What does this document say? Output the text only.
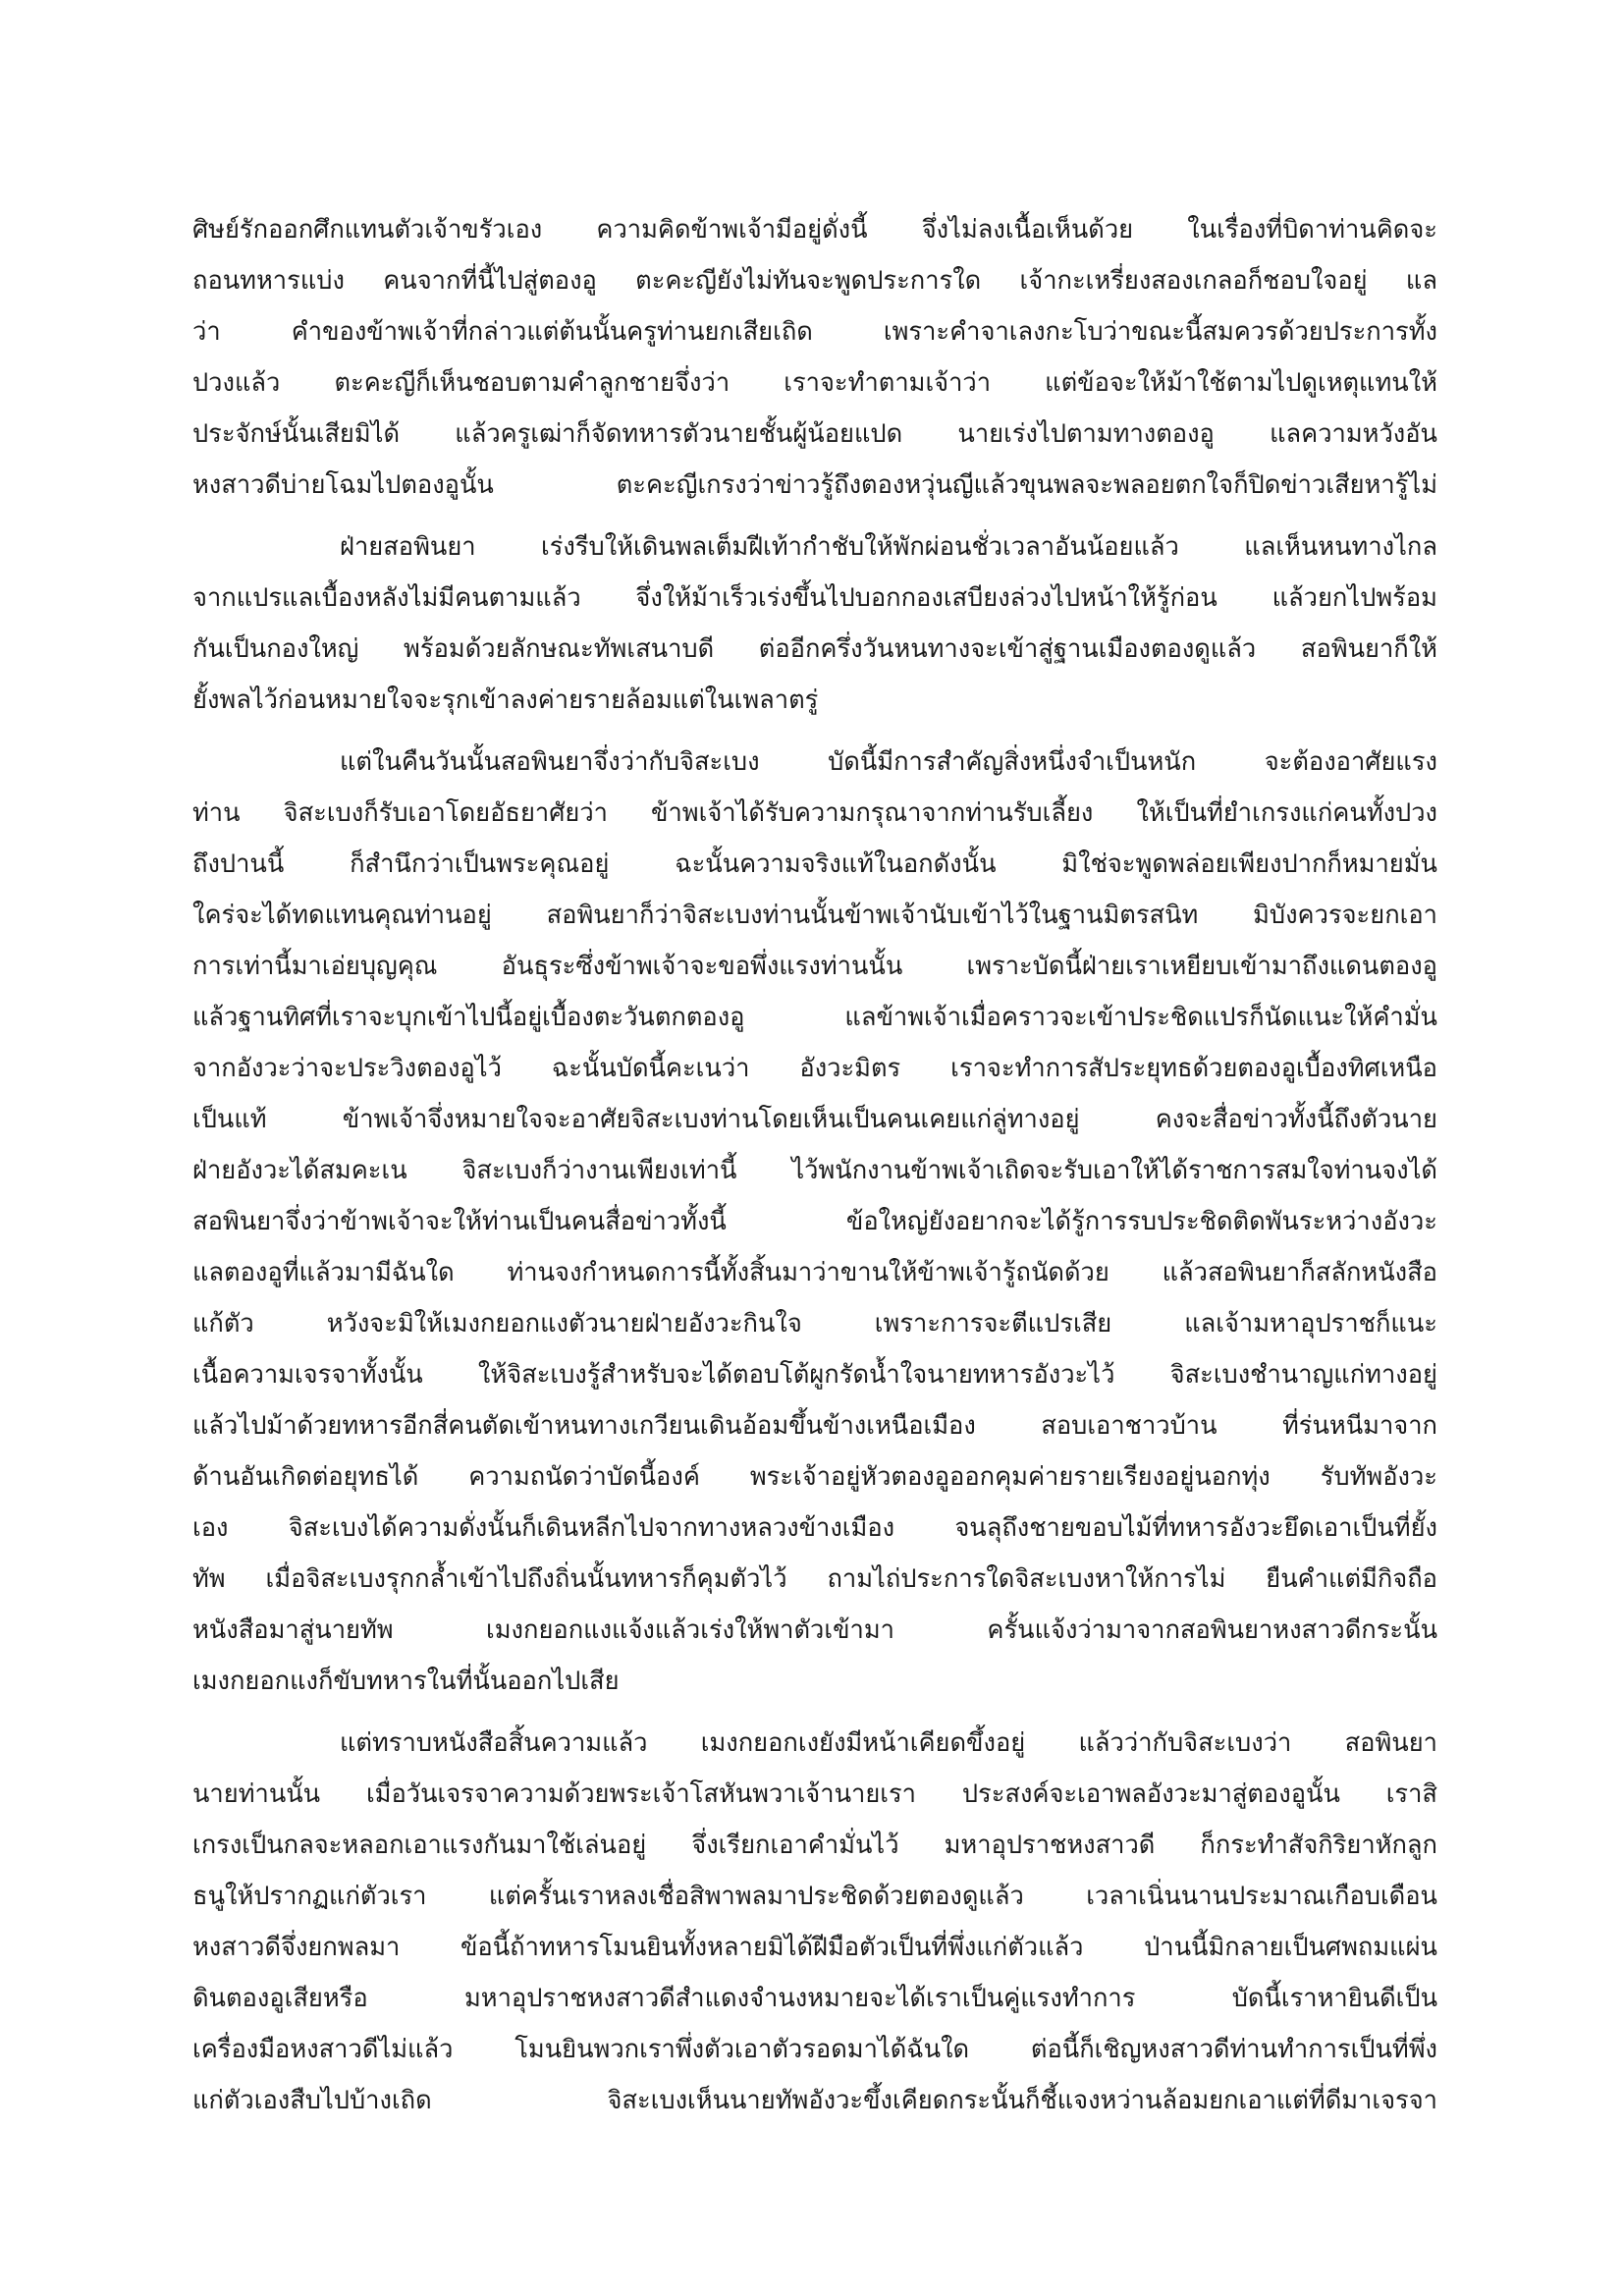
ศิษย์รักออกศึกแทนตัวเจ้าขรัวเอง ความคิดข้าพเจ้ามีอยู่ดั่งนี้ จึ่งไม่ลงเนื้อเห็นด้วย ในเรื่องที่บิดาท่านคิดจะ
ถอนทหารแบ่ง คนจากที่นี้ไปสู่ตองอู ตะคะญียังไม่ทันจะพูดประการใด เจ้ากะเหรี่ยงสองเกลอก็ชอบใจอยู่ แล
ว่า คำของข้าพเจ้าที่กล่าวแต่ต้นนั้นครูท่านยกเสียเถิด เพราะคำจาเลงกะโบว่าขณะนี้สมควรด้วยประการทั้ง
ปวงแล้ว ตะคะญีก็เห็นชอบตามคำลูกชายจึ่งว่า เราจะทำตามเจ้าว่า แต่ข้อจะให้ม้าใช้ตามไปดูเหตุแทนให้
ประจักษ์นั้นเสียมิได้ แล้วครูเฒ่าก็จัดทหารตัวนายชั้นผู้น้อยแปด นายเร่งไปตามทางตองอู แลความหวังอัน
หงสาวดีบ่ายโฉมไปตองอูนั้น ตะคะญีเกรงว่าข่าวรู้ถึงตองหวุ่นญีแล้วขุนพลจะพลอยตกใจก็ปิดข่าวเสียหารู้ไม่
ฝ่ายสอพินยา เร่งรีบให้เดินพลเต็มฝีเท้ากำชับให้พักผ่อนชั่วเวลาอันน้อยแล้ว แลเห็นหนทางไกล
จากแปรแลเบื้องหลังไม่มีคนตามแล้ว จึ่งให้ม้าเร็วเร่งขึ้นไปบอกกองเสบียงล่วงไปหน้าให้รู้ก่อน แล้วยกไปพร้อม
กันเป็นกองใหญ่ พร้อมด้วยลักษณะทัพเสนาบดี ต่ออีกครึ่งวันหนทางจะเข้าสู่ฐานเมืองตองดูแล้ว สอพินยาก็ให้
ยั้งพลไว้ก่อนหมายใจจะรุกเข้าลงค่ายรายล้อมแต่ในเพลาตรู่
แต่ในคืนวันนั้นสอพินยาจึ่งว่ากับจิสะเบง บัดนี้มีการสำคัญสิ่งหนึ่งจำเป็นหนัก จะต้องอาศัยแรง
ท่าน จิสะเบงก็รับเอาโดยอัธยาศัยว่า ข้าพเจ้าได้รับความกรุณาจากท่านรับเลี้ยง ให้เป็นที่ยำเกรงแก่คนทั้งปวง
ถึงปานนี้ ก็สำนึกว่าเป็นพระคุณอยู่ ฉะนั้นความจริงแท้ในอกดังนั้น มิใช่จะพูดพล่อยเพียงปากก็หมายมั่น
ใคร่จะได้ทดแทนคุณท่านอยู่ สอพินยาก็ว่าจิสะเบงท่านนั้นข้าพเจ้านับเข้าไว้ในฐานมิตรสนิท มิบังควรจะยกเอา
การเท่านี้มาเอ่ยบุญคุณ อันธุระซึ่งข้าพเจ้าจะขอพึ่งแรงท่านนั้น เพราะบัดนี้ฝ่ายเราเหยียบเข้ามาถึงแดนตองอู
แล้วฐานทิศที่เราจะบุกเข้าไปนี้อยู่เบื้องตะวันตกตองอู แลข้าพเจ้าเมื่อคราวจะเข้าประชิดแปรก็นัดแนะให้คำมั่น
จากอังวะว่าจะประวิงตองอูไว้ ฉะนั้นบัดนี้คะเนว่า อังวะมิตร เราจะทำการสัประยุทธด้วยตองอูเบื้องทิศเหนือ
เป็นแท้ ข้าพเจ้าจึ่งหมายใจจะอาศัยจิสะเบงท่านโดยเห็นเป็นคนเคยแก่ลู่ทางอยู่ คงจะสื่อข่าวทั้งนี้ถึงตัวนาย
ฝ่ายอังวะได้สมคะเน จิสะเบงก็ว่างานเพียงเท่านี้ ไว้พนักงานข้าพเจ้าเถิดจะรับเอาให้ได้ราชการสมใจท่านจงได้
สอพินยาจึ่งว่าข้าพเจ้าจะให้ท่านเป็นคนสื่อข่าวทั้งนี้ ข้อใหญ่ยังอยากจะได้รู้การรบประชิดติดพันระหว่างอังวะ
แลตองอูที่แล้วมามีฉันใด ท่านจงกำหนดการนี้ทั้งสิ้นมาว่าขานให้ข้าพเจ้ารู้ถนัดด้วย แล้วสอพินยาก็สลักหนังสือ
แก้ตัว หวังจะมิให้เมงกยอกแงตัวนายฝ่ายอังวะกินใจ เพราะการจะตีแปรเสีย แลเจ้ามหาอุปราชก็แนะ
เนื้อความเจรจาทั้งนั้น ให้จิสะเบงรู้สำหรับจะได้ตอบโต้ผูกรัดน้ำใจนายทหารอังวะไว้ จิสะเบงชำนาญแก่ทางอยู่
แล้วไปม้าด้วยทหารอีกสี่คนตัดเข้าหนทางเกวียนเดินอ้อมขึ้นข้างเหนือเมือง สอบเอาชาวบ้าน ที่ร่นหนีมาจาก
ด้านอันเกิดต่อยุทธได้ ความถนัดว่าบัดนี้องค์ พระเจ้าอยู่หัวตองอูออกคุมค่ายรายเรียงอยู่นอกทุ่ง รับทัพอังวะ
เอง จิสะเบงได้ความดั่งนั้นก็เดินหลีกไปจากทางหลวงข้างเมือง จนลุถึงชายขอบไม้ที่ทหารอังวะยึดเอาเป็นที่ยั้ง
ทัพ เมื่อจิสะเบงรุกกล้ำเข้าไปถึงถิ่นนั้นทหารก็คุมตัวไว้ ถามไถ่ประการใดจิสะเบงหาให้การไม่ ยืนคำแต่มีกิจถือ
หนังสือมาสู่นายทัพ เมงกยอกแงแจ้งแล้วเร่งให้พาตัวเข้ามา ครั้นแจ้งว่ามาจากสอพินยาหงสาวดีกระนั้น
เมงกยอกแงก็ขับทหารในที่นั้นออกไปเสีย
แต่ทราบหนังสือสิ้นความแล้ว เมงกยอกเงยังมีหน้าเคียดขึ้งอยู่ แล้วว่ากับจิสะเบงว่า สอพินยา
นายท่านนั้น เมื่อวันเจรจาความด้วยพระเจ้าโสหันพวาเจ้านายเรา ประสงค์จะเอาพลอังวะมาสู่ตองอูนั้น เราสิ
เกรงเป็นกลจะหลอกเอาแรงกันมาใช้เล่นอยู่ จึ่งเรียกเอาคำมั่นไว้ มหาอุปราชหงสาวดี ก็กระทำสัจกิริยาหักลูก
ธนูให้ปรากฏแก่ตัวเรา แต่ครั้นเราหลงเชื่อสิพาพลมาประชิดด้วยตองดูแล้ว เวลาเนิ่นนานประมาณเกือบเดือน
หงสาวดีจึ่งยกพลมา ข้อนี้ถ้าทหารโมนยินทั้งหลายมิได้ฝีมือตัวเป็นที่พึ่งแก่ตัวแล้ว ป่านนี้มิกลายเป็นศพถมแผ่น
ดินตองอูเสียหรือ มหาอุปราชหงสาวดีสำแดงจำนงหมายจะได้เราเป็นคู่แรงทำการ บัดนี้เราหายินดีเป็น
เครื่องมือหงสาวดีไม่แล้ว โมนยินพวกเราพึ่งตัวเอาตัวรอดมาได้ฉันใด ต่อนี้ก็เชิญหงสาวดีท่านทำการเป็นที่พึ่ง
แก่ตัวเองสืบไปบ้างเถิด จิสะเบงเห็นนายทัพอังวะขึ้งเคียดกระนั้นก็ชี้แจงหว่านล้อมยกเอาแต่ที่ดีมาเจรจา
